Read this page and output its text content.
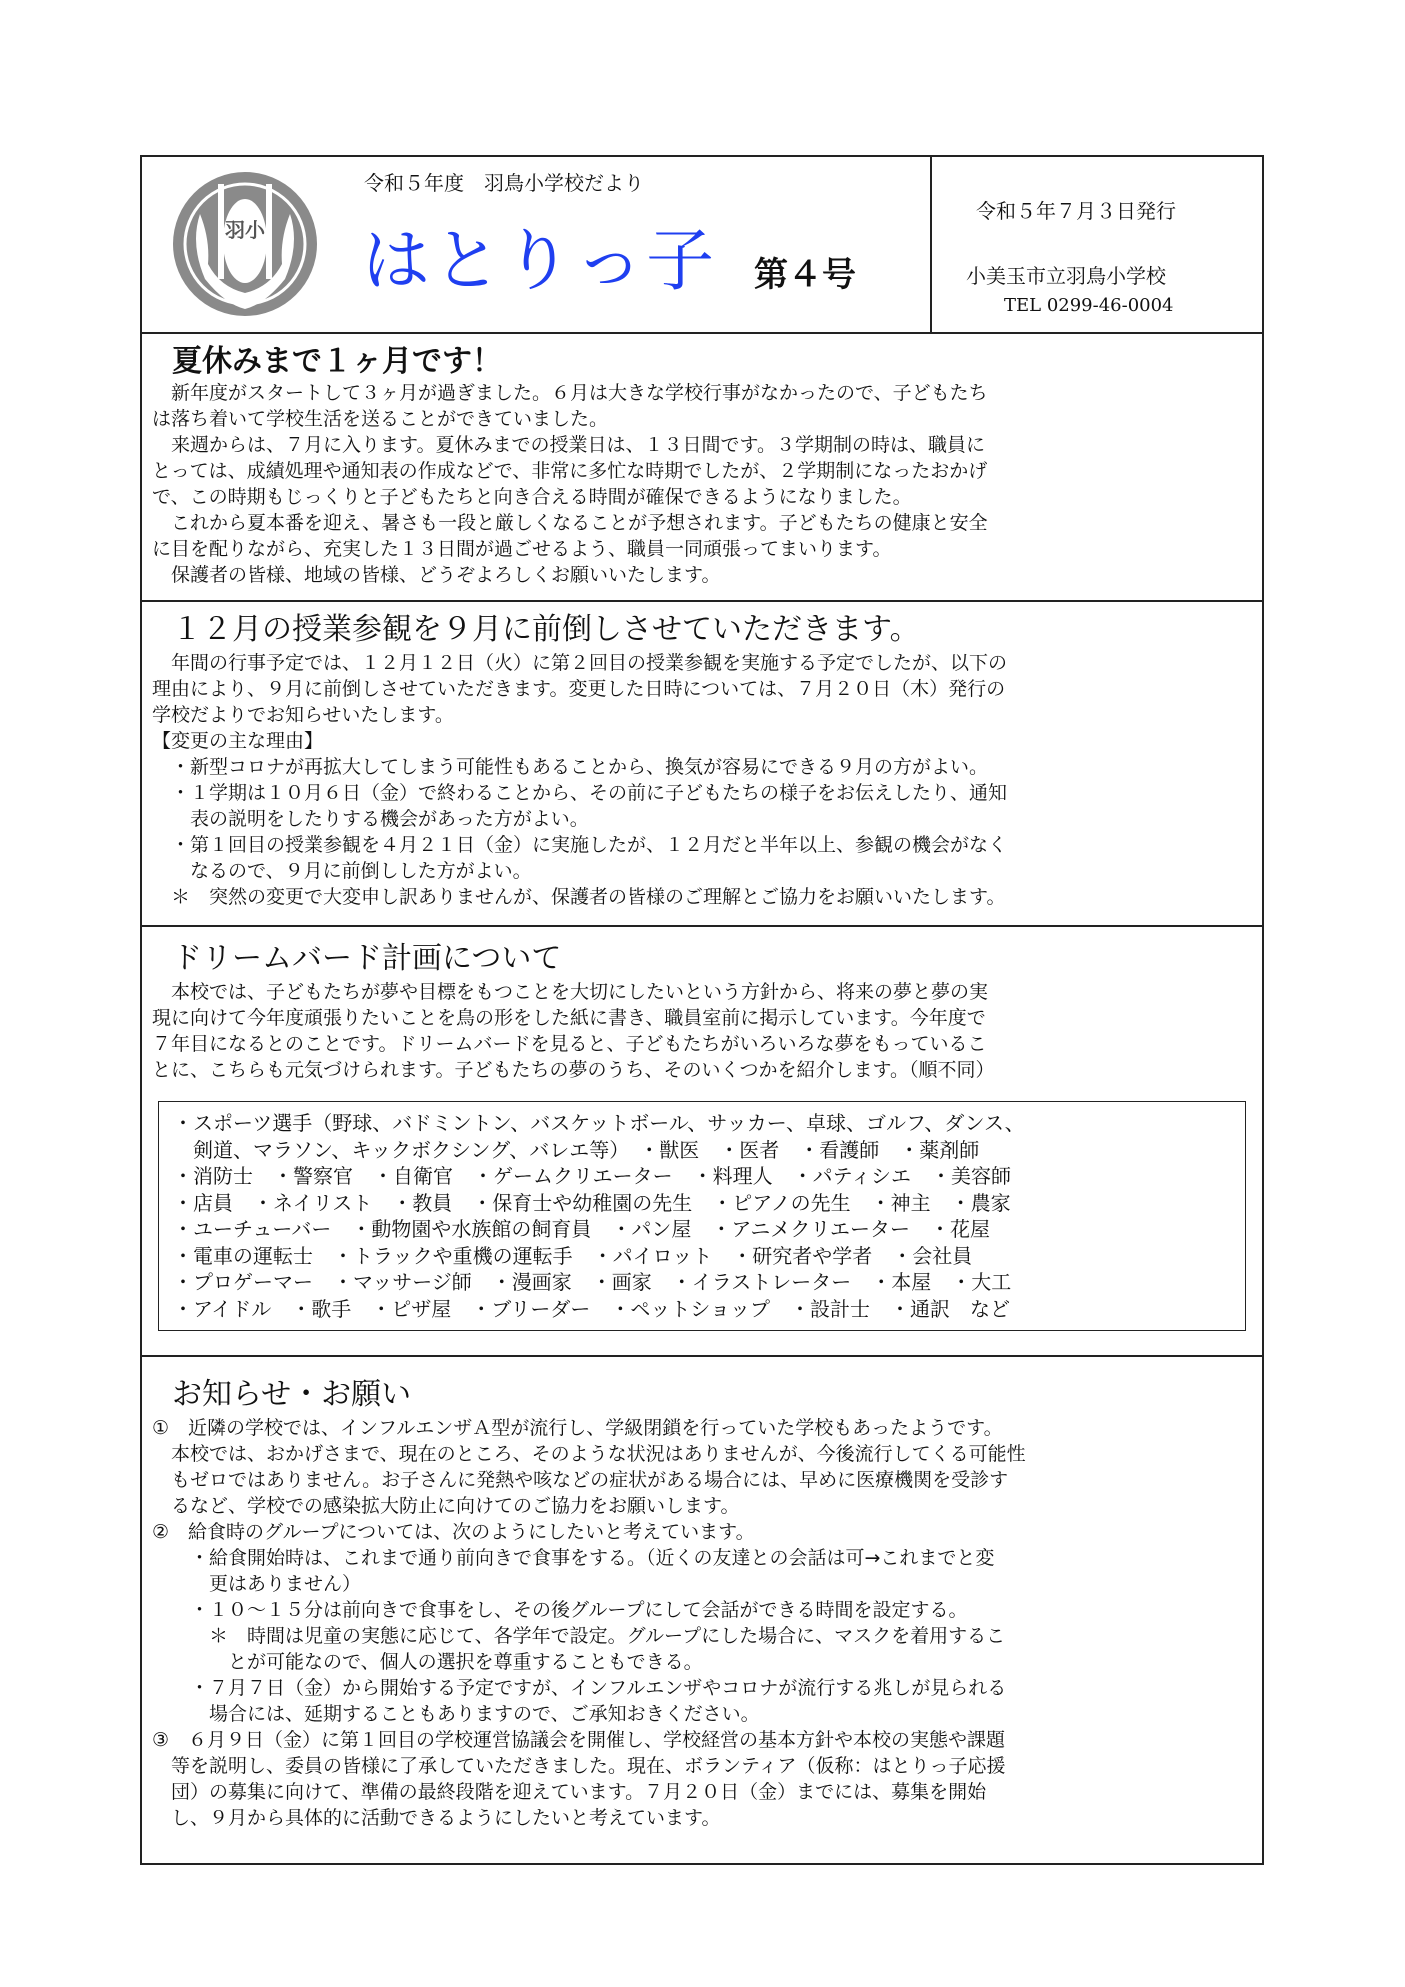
羽小
令和５年度　羽鳥小学校だより
はとりっ子 第４号
令和５年７月３日発行
小美玉市立羽鳥小学校
TEL 0299-46-0004
夏休みまで１ヶ月です！
　新年度がスタートして３ヶ月が過ぎました。６月は大きな学校行事がなかったので、子どもたち
は落ち着いて学校生活を送ることができていました。
　来週からは、７月に入ります。夏休みまでの授業日は、１３日間です。３学期制の時は、職員に
とっては、成績処理や通知表の作成などで、非常に多忙な時期でしたが、２学期制になったおかげ
で、この時期もじっくりと子どもたちと向き合える時間が確保できるようになりました。
　これから夏本番を迎え、暑さも一段と厳しくなることが予想されます。子どもたちの健康と安全
に目を配りながら、充実した１３日間が過ごせるよう、職員一同頑張ってまいります。
　保護者の皆様、地域の皆様、どうぞよろしくお願いいたします。
１２月の授業参観を９月に前倒しさせていただきます。
　年間の行事予定では、１２月１２日（火）に第２回目の授業参観を実施する予定でしたが、以下の
理由により、９月に前倒しさせていただきます。変更した日時については、７月２０日（木）発行の
学校だよりでお知らせいたします。
【変更の主な理由】
　・新型コロナが再拡大してしまう可能性もあることから、換気が容易にできる９月の方がよい。
　・１学期は１０月６日（金）で終わることから、その前に子どもたちの様子をお伝えしたり、通知
　　表の説明をしたりする機会があった方がよい。
　・第１回目の授業参観を４月２１日（金）に実施したが、１２月だと半年以上、参観の機会がなく
　　なるので、９月に前倒しした方がよい。
　＊　突然の変更で大変申し訳ありませんが、保護者の皆様のご理解とご協力をお願いいたします。
ドリームバード計画について
　本校では、子どもたちが夢や目標をもつことを大切にしたいという方針から、将来の夢と夢の実
現に向けて今年度頑張りたいことを鳥の形をした紙に書き、職員室前に掲示しています。今年度で
７年目になるとのことです。ドリームバードを見ると、子どもたちがいろいろな夢をもっているこ
とに、こちらも元気づけられます。子どもたちの夢のうち、そのいくつかを紹介します。（順不同）
・スポーツ選手（野球、バドミントン、バスケットボール、サッカー、卓球、ゴルフ、ダンス、
　剣道、マラソン、キックボクシング、バレエ等）　・獣医　・医者　・看護師　・薬剤師
・消防士　・警察官　・自衛官　・ゲームクリエーター　・料理人　・パティシエ　・美容師
・店員　・ネイリスト　・教員　・保育士や幼稚園の先生　・ピアノの先生　・神主　・農家
・ユーチューバー　・動物園や水族館の飼育員　・パン屋　・アニメクリエーター　・花屋
・電車の運転士　・トラックや重機の運転手　・パイロット　・研究者や学者　・会社員
・プロゲーマー　・マッサージ師　・漫画家　・画家　・イラストレーター　・本屋　・大工
・アイドル　・歌手　・ピザ屋　・ブリーダー　・ペットショップ　・設計士　・通訳　など
お知らせ・お願い
①　近隣の学校では、インフルエンザＡ型が流行し、学級閉鎖を行っていた学校もあったようです。
　本校では、おかげさまで、現在のところ、そのような状況はありませんが、今後流行してくる可能性
　もゼロではありません。お子さんに発熱や咳などの症状がある場合には、早めに医療機関を受診す
　るなど、学校での感染拡大防止に向けてのご協力をお願いします。
②　給食時のグループについては、次のようにしたいと考えています。
　　・給食開始時は、これまで通り前向きで食事をする。（近くの友達との会話は可→これまでと変
　　　更はありません）
　　・１０～１５分は前向きで食事をし、その後グループにして会話ができる時間を設定する。
　　　＊　時間は児童の実態に応じて、各学年で設定。グループにした場合に、マスクを着用するこ
　　　　とが可能なので、個人の選択を尊重することもできる。
　　・７月７日（金）から開始する予定ですが、インフルエンザやコロナが流行する兆しが見られる
　　　場合には、延期することもありますので、ご承知おきください。
③　６月９日（金）に第１回目の学校運営協議会を開催し、学校経営の基本方針や本校の実態や課題
　等を説明し、委員の皆様に了承していただきました。現在、ボランティア（仮称：はとりっ子応援
　団）の募集に向けて、準備の最終段階を迎えています。７月２０日（金）までには、募集を開始
　し、９月から具体的に活動できるようにしたいと考えています。
